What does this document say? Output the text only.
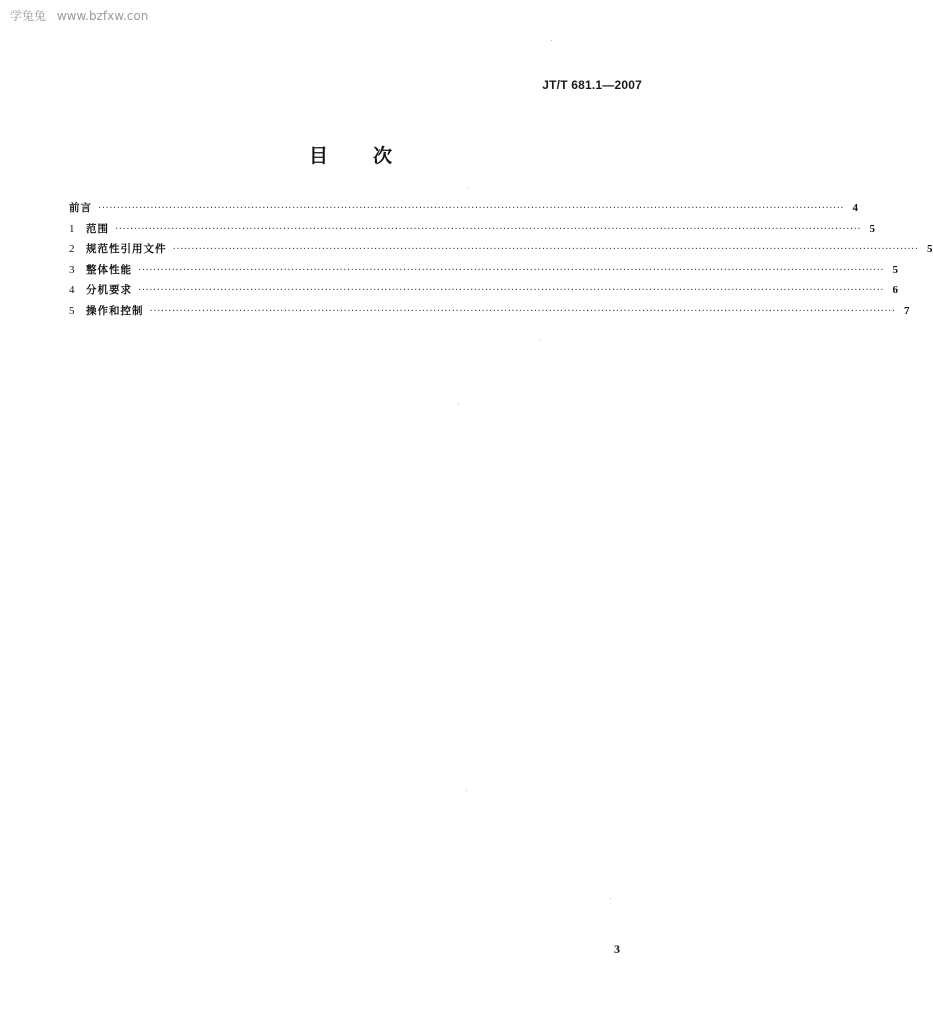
学兔兔 www.bzfxw.con
JT/T 681.1—2007
目次
前言 ········································································································································································································ 4
1	范围 ········································································································································································································ 5
2	规范性引用文件 ········································································································································································································ 5
3	整体性能 ········································································································································································································ 5
4	分机要求 ········································································································································································································ 6
5	操作和控制 ········································································································································································································ 7
3
